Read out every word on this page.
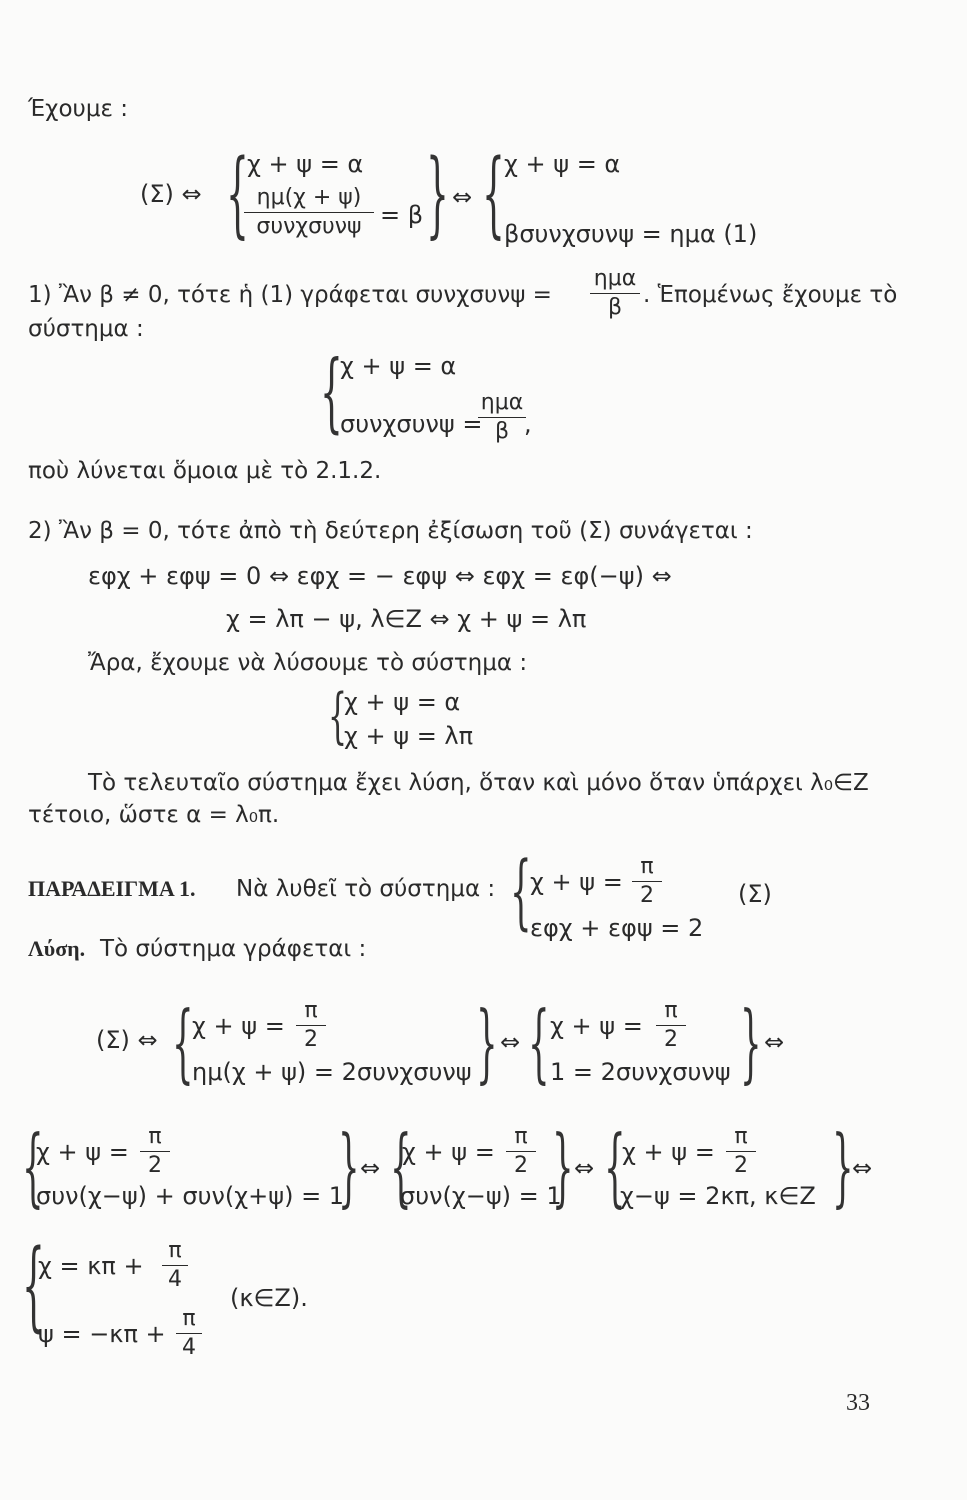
Έχουμε :
(Σ) ⇔ {
χ + ψ = α
ημ(χ + ψ)
συνχσυνψ = β } ⇔ { χ + ψ = α
βσυνχσυνψ = ημα (1)
1) Ἂν β ≠ 0, τότε ἡ (1) γράφεται συνχσυνψ =
ημα
β . Ἑπομένως ἔχουμε τὸ
σύστημα :
{
χ + ψ = α
συνχσυνψ =
ημα
β ,
ποὺ λύνεται ὅμοια μὲ τὸ 2.1.2.
2) Ἂν β = 0, τότε ἀπὸ τὴ δεύτερη ἐξίσωση τοῦ (Σ) συνάγεται :
εφχ + εφψ = 0 ⇔ εφχ = − εφψ ⇔ εφχ = εφ(−ψ) ⇔
χ = λπ − ψ, λ∈Z ⇔ χ + ψ = λπ
Ἄρα, ἔχουμε νὰ λύσουμε τὸ σύστημα :
{
χ + ψ = α
χ + ψ = λπ
Τὸ τελευταῖο σύστημα ἔχει λύση, ὅταν καὶ μόνο ὅταν ὑπάρχει λ₀∈Z
τέτοιο, ὥστε α = λ₀π.
ΠΑΡΑΔΕΙΓΜΑ 1. Νὰ λυθεῖ τὸ σύστημα : {
χ + ψ =
π
2	(Σ)
εφχ + εφψ = 2
Λύση. Τὸ σύστημα γράφεται :
(Σ) ⇔ {
χ + ψ =
π
2
ημ(χ + ψ) = 2συνχσυνψ } ⇔ { χ + ψ =
π
2
1 = 2συνχσυνψ } ⇔
{
χ + ψ =
π
2
συν(χ−ψ) + συν(χ+ψ) = 1
} ⇔ {
χ + ψ =
π
2
συν(χ−ψ) = 1
} ⇔ {
χ + ψ =
π
2
χ−ψ = 2κπ, κ∈Z }
⇔
{
χ = κπ +
π
4
ψ = −κπ +
π
4
(κ∈Z).
33
